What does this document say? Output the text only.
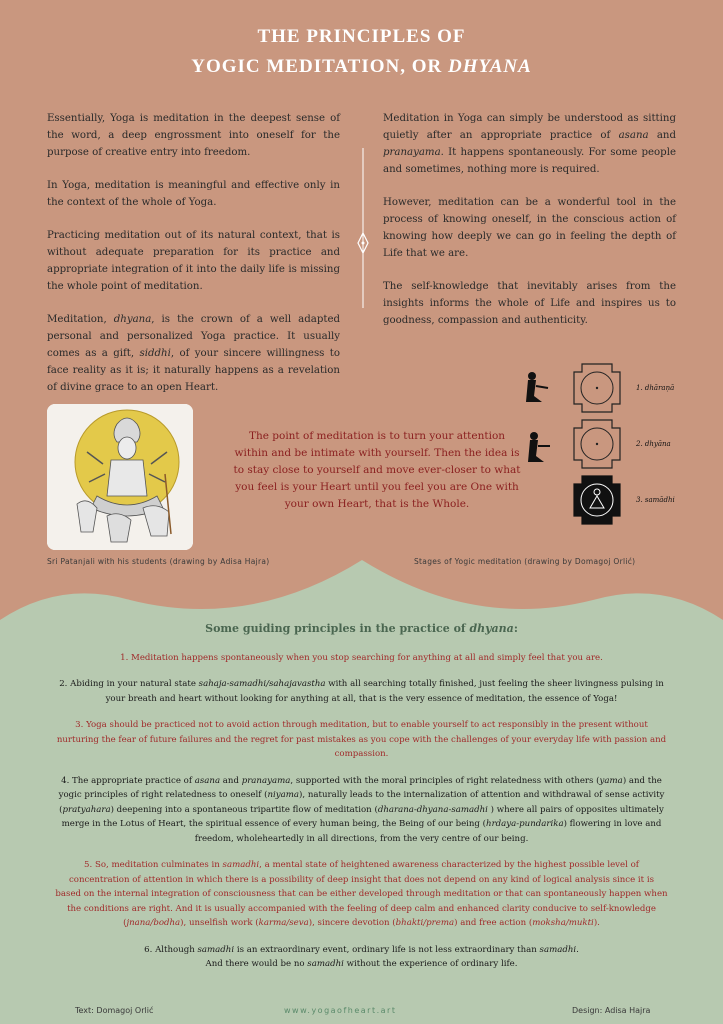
THE PRINCIPLES OF
YOGIC MEDITATION, OR DHYANA

Essentially, Yoga is meditation in the deepest sense of the word, a deep engrossment into oneself for the purpose of creative entry into freedom.

In Yoga, meditation is meaningful and effective only in the context of the whole of Yoga.

Practicing meditation out of its natural context, that is without adequate preparation for its practice and appropriate integration of it into the daily life is missing the whole point of meditation.

Meditation, dhyana, is the crown of a well adapted personal and personalized Yoga practice. It usually comes as a gift, siddhi, of your sincere willingness to face reality as it is; it naturally happens as a revelation of divine grace to an open Heart.

Meditation in Yoga can simply be understood as sitting quietly after an appropriate practice of asana and pranayama. It happens spontaneously. For some people and sometimes, nothing more is required.

However, meditation can be a wonderful tool in the process of knowing oneself, in the conscious action of knowing how deeply we can go in feeling the depth of Life that we are.

The self-knowledge that inevitably arises from the insights informs the whole of Life and inspires us to goodness, compassion and authenticity.

Sri Patanjali with his students (drawing by Adisa Hajra)
The point of meditation is to turn your attention within and be intimate with yourself. Then the idea is to stay close to yourself and move ever-closer to what you feel is your Heart until you feel you are One with your own Heart, that is the Whole.
1. dhāraṇā
2. dhyāna
3. samādhi
Stages of Yogic meditation (drawing by Domagoj Orlić)
Some guiding principles in the practice of dhyana:

1. Meditation happens spontaneously when you stop searching for anything at all and simply feel that you are.

2. Abiding in your natural state sahaja-samadhi/sahajavastha with all searching totally finished, just feeling the sheer livingness pulsing in your breath and heart without looking for anything at all, that is the very essence of meditation, the essence of Yoga!

3. Yoga should be practiced not to avoid action through meditation, but to enable yourself to act responsibly in the present without nurturing the fear of future failures and the regret for past mistakes as you cope with the challenges of your everyday life with passion and compassion.

4. The appropriate practice of asana and pranayama, supported with the moral principles of right relatedness with others (yama) and the yogic principles of right relatedness to oneself (niyama), naturally leads to the internalization of attention and withdrawal of sense activity (pratyahara) deepening into a spontaneous tripartite flow of meditation (dharana-dhyana-samadhi ) where all pairs of opposites ultimately merge in the Lotus of Heart, the spiritual essence of every human being, the Being of our being (hrdaya-pundarika) flowering in love and freedom, wholeheartedly in all directions, from the very centre of our being.

5. So, meditation culminates in samadhi, a mental state of heightened awareness characterized by the highest possible level of concentration of attention in which there is a possibility of deep insight that does not depend on any kind of logical analysis since it is based on the internal integration of consciousness that can be either developed through meditation or that can spontaneously happen when the conditions are right. And it is usually accompanied with the feeling of deep calm and enhanced clarity conducive to self-knowledge (jnana/bodha), unselfish work (karma/seva), sincere devotion (bhakti/prema) and free action (moksha/mukti).

6. Although samadhi is an extraordinary event, ordinary life is not less extraordinary than samadhi.
And there would be no samadhi without the experience of ordinary life.

Text: Domagoj Orlić	www.yogaofheart.art	Design: Adisa Hajra
